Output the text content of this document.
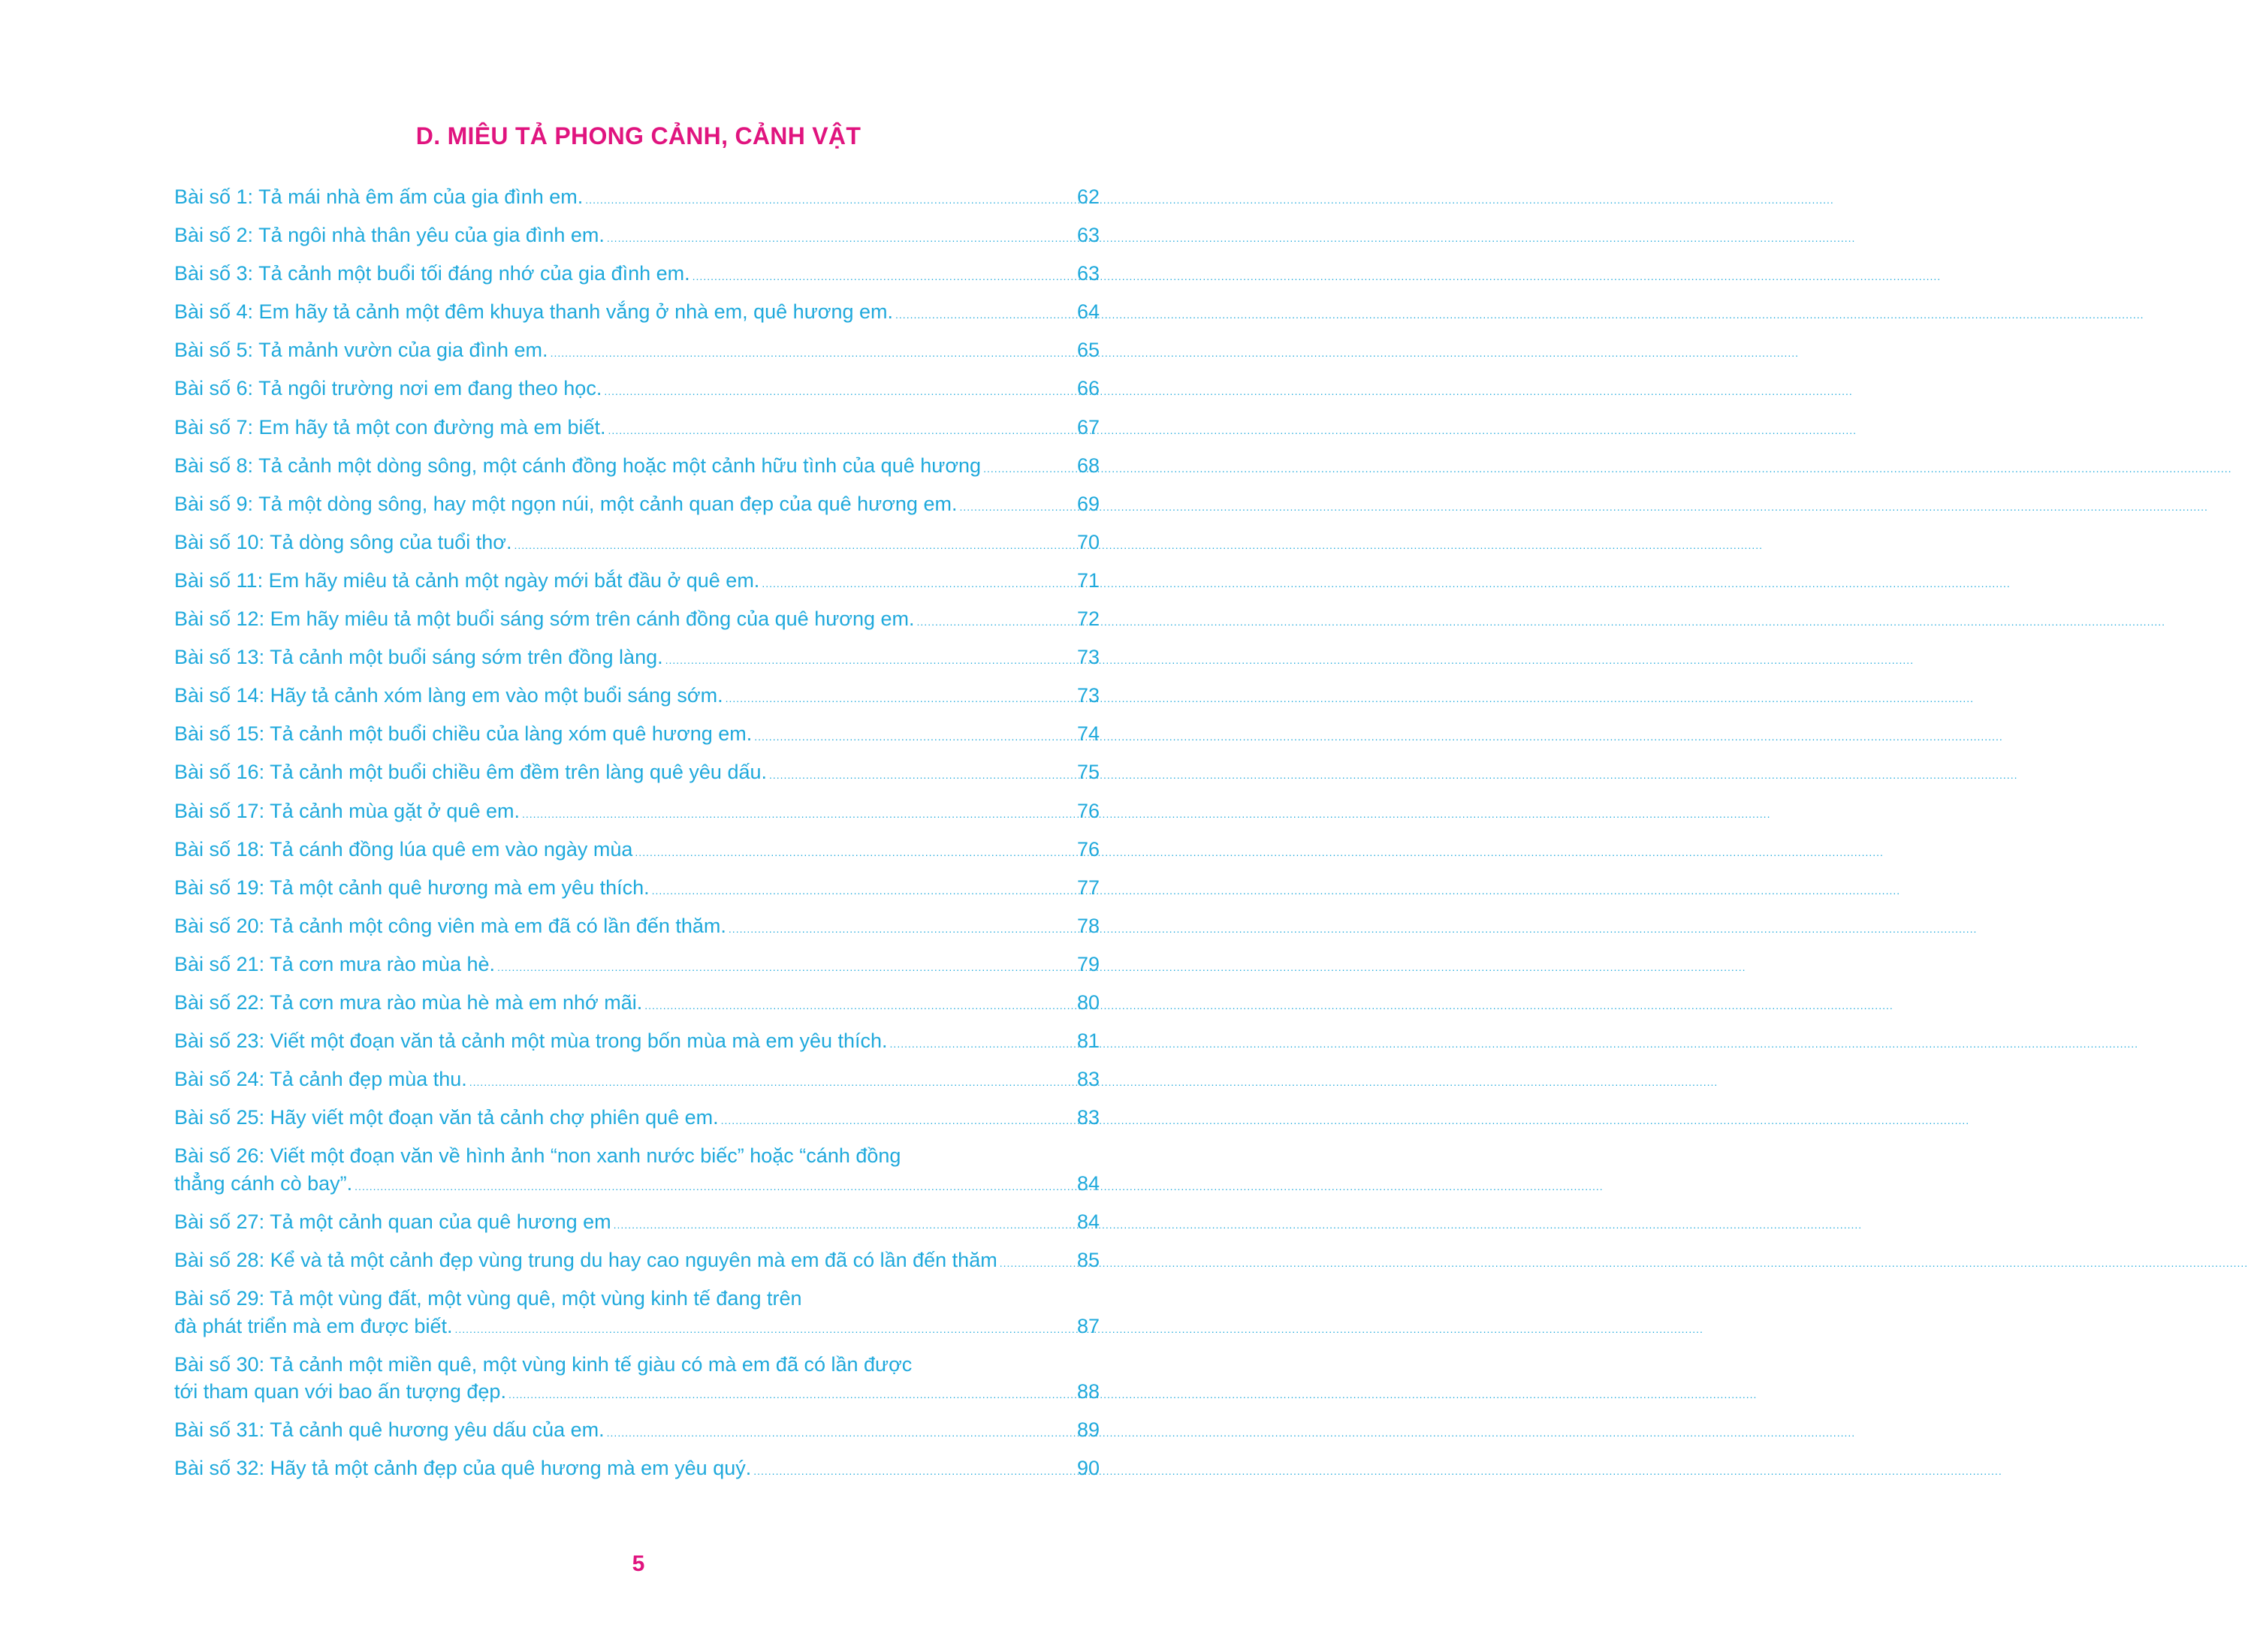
D. MIÊU TẢ PHONG CẢNH, CẢNH VẬT
Bài số 1: Tả mái nhà êm ấm của gia đình em. .....	62
Bài số 2: Tả ngôi nhà thân yêu của gia đình em. .....	63
Bài số 3: Tả cảnh một buổi tối đáng nhớ của gia đình em. .....	63
Bài số 4: Em hãy tả cảnh một đêm khuya thanh vắng ở nhà em, quê hương em. .....	64
Bài số 5: Tả mảnh vườn của gia đình em. .....	65
Bài số 6: Tả ngôi trường nơi em đang theo học. .....	66
Bài số 7: Em hãy tả một con đường mà em biết. .....	67
Bài số 8: Tả cảnh một dòng sông, một cánh đồng hoặc một cảnh hữu tình của quê hương .....	68
Bài số 9: Tả một dòng sông, hay một ngọn núi, một cảnh quan đẹp của quê hương em. .....	69
Bài số 10: Tả dòng sông của tuổi thơ. .....	70
Bài số 11: Em hãy miêu tả cảnh một ngày mới bắt đầu ở quê em. .....	71
Bài số 12: Em hãy miêu tả một buổi sáng sớm trên cánh đồng của quê hương em. .....	72
Bài số 13: Tả cảnh một buổi sáng sớm trên đồng làng. .....	73
Bài số 14: Hãy tả cảnh xóm làng em vào một buổi sáng sớm. .....	73
Bài số 15: Tả cảnh một buổi chiều của làng xóm quê hương em. .....	74
Bài số 16: Tả cảnh một buổi chiều êm đềm trên làng quê yêu dấu. .....	75
Bài số 17: Tả cảnh mùa gặt ở quê em. .....	76
Bài số 18: Tả cánh đồng lúa quê em vào ngày mùa .....	76
Bài số 19: Tả một cảnh quê hương mà em yêu thích. .....	77
Bài số 20: Tả cảnh một công viên mà em đã có lần đến thăm. .....	78
Bài số 21: Tả cơn mưa rào mùa hè. .....	79
Bài số 22: Tả cơn mưa rào mùa hè mà em nhớ mãi. .....	80
Bài số 23: Viết một đoạn văn tả cảnh một mùa trong bốn mùa mà em yêu thích. .....	81
Bài số 24: Tả cảnh đẹp mùa thu. .....	83
Bài số 25: Hãy viết một đoạn văn tả cảnh chợ phiên quê em. .....	83
Bài số 26: Viết một đoạn văn về hình ảnh “non xanh nước biếc” hoặc “cánh đồng
thẳng cánh cò bay”. .....	84
Bài số 27: Tả một cảnh quan của quê hương em .....	84
Bài số 28: Kể và tả một cảnh đẹp vùng trung du hay cao nguyên mà em đã có lần đến thăm .....	85
Bài số 29: Tả một vùng đất, một vùng quê, một vùng kinh tế đang trên
đà phát triển mà em được biết. .....	87
Bài số 30: Tả cảnh một miền quê, một vùng kinh tế giàu có mà em đã có lần được
tới tham quan với bao ấn tượng đẹp. .....	88
Bài số 31: Tả cảnh quê hương yêu dấu của em. .....	89
Bài số 32: Hãy tả một cảnh đẹp của quê hương mà em yêu quý. .....	90
5
